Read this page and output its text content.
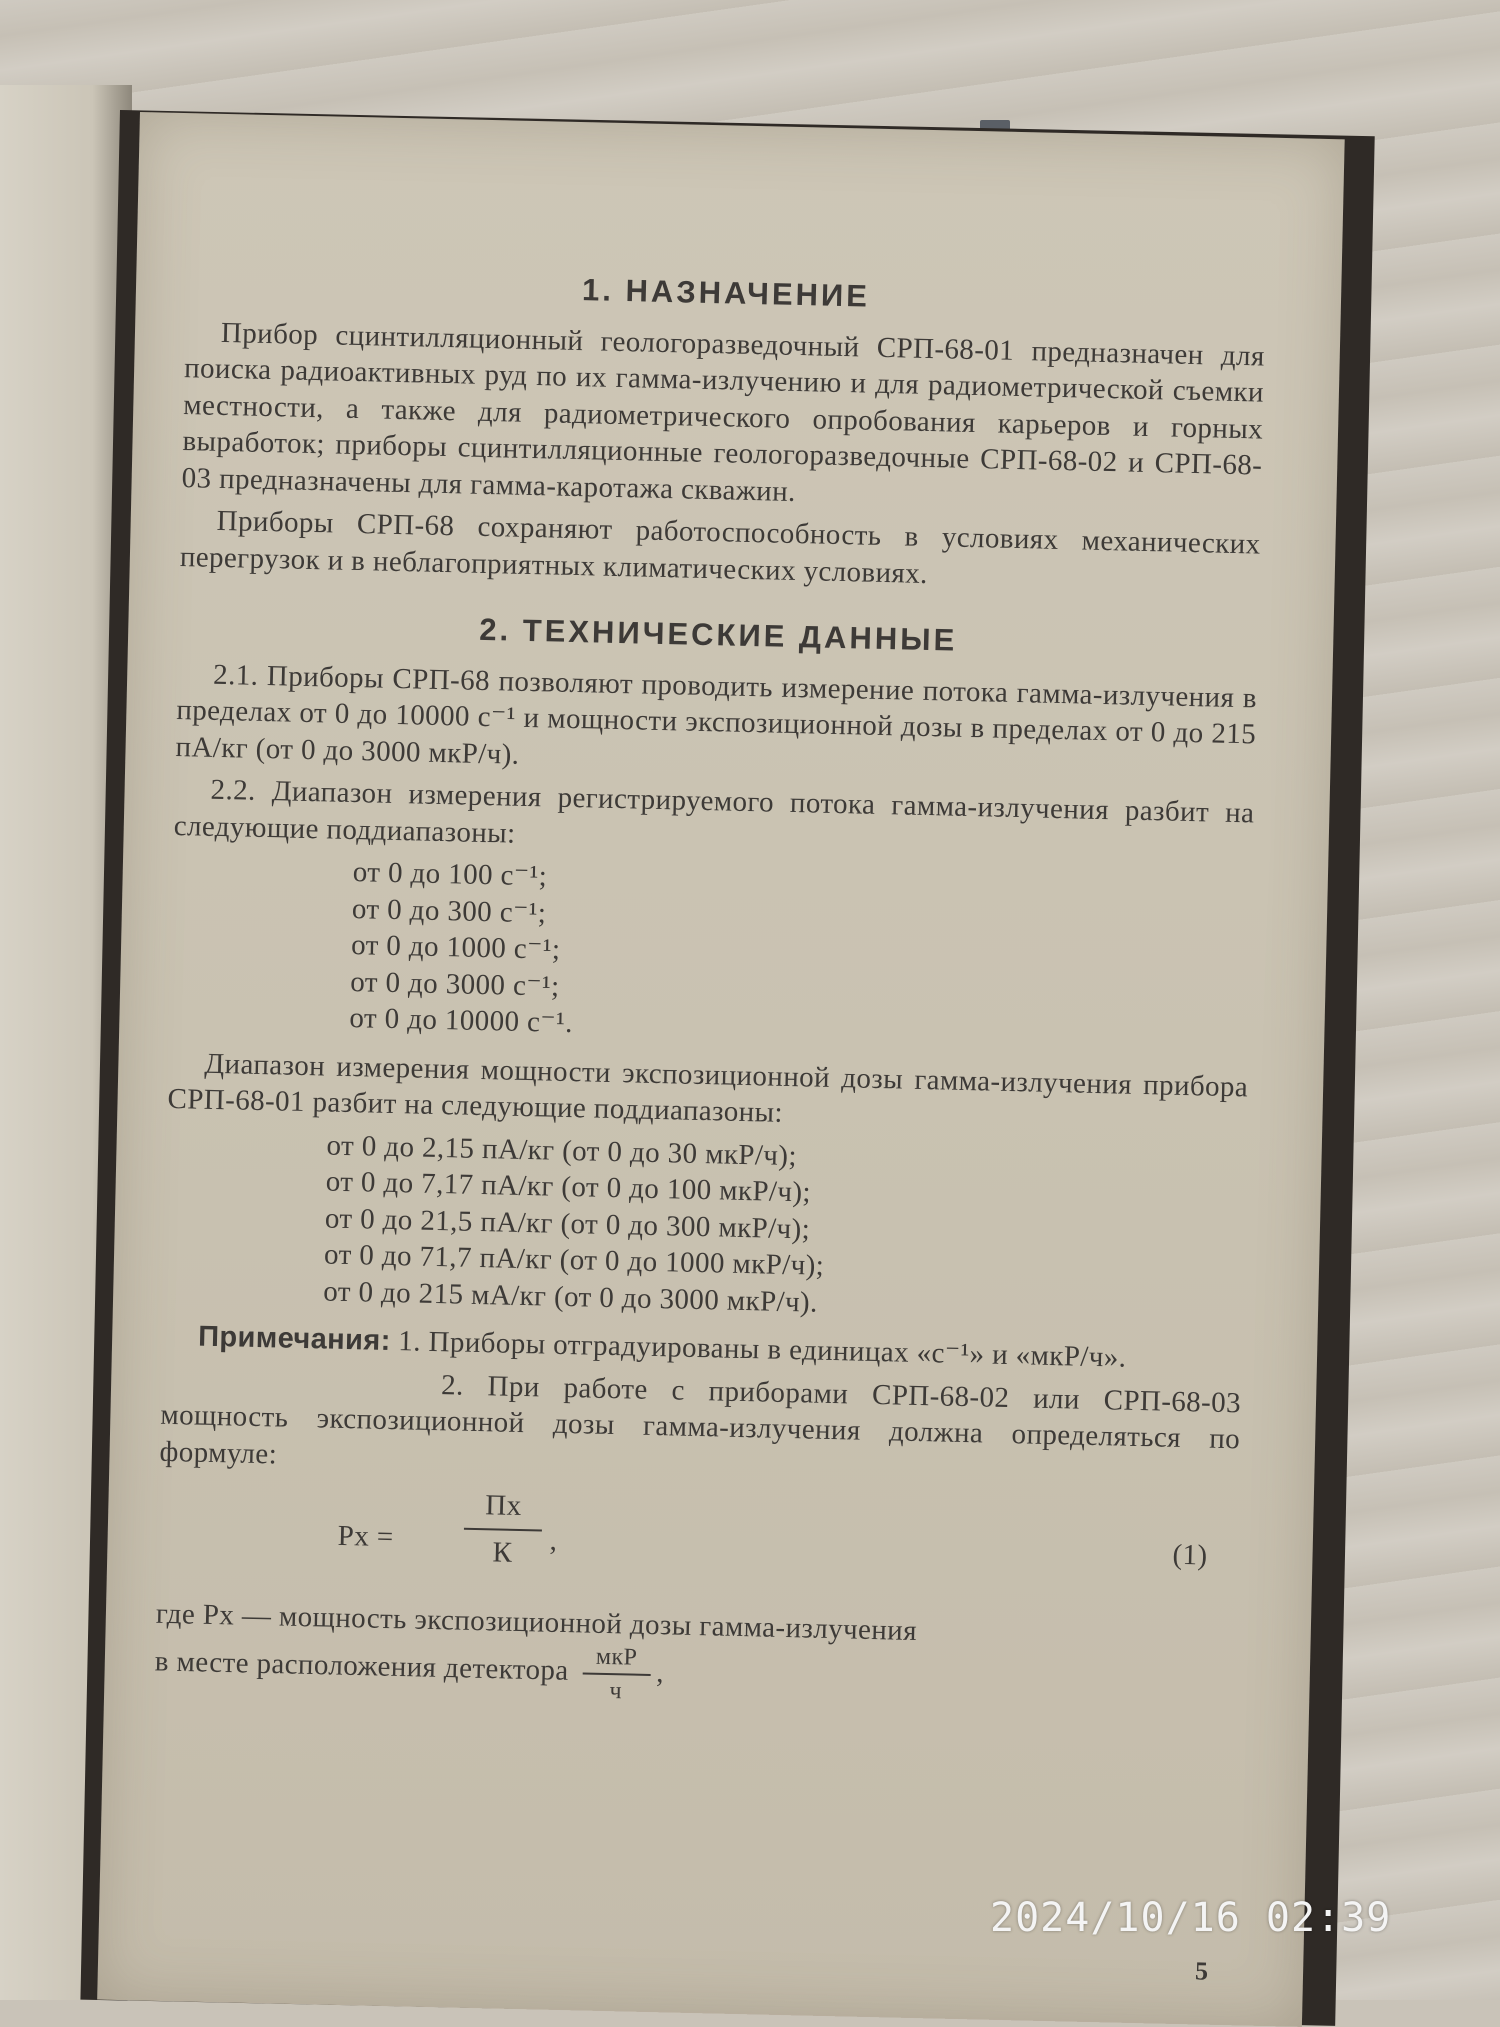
1. НАЗНАЧЕНИЕ

Прибор сцинтилляционный геологоразведочный СРП-68-01 предназначен для поиска радиоактивных руд по их гамма-излучению и для радиометрической съемки местности, а также для радиометрического опробования карьеров и горных выработок; приборы сцинтилляционные геологоразведочные СРП-68-02 и СРП-68-03 предназначены для гамма-каротажа скважин.

Приборы СРП-68 сохраняют работоспособность в условиях механических перегрузок и в неблагоприятных климатических условиях.

2. ТЕХНИЧЕСКИЕ ДАННЫЕ

2.1. Приборы СРП-68 позволяют проводить измерение потока гамма-излучения в пределах от 0 до 10000 с⁻¹ и мощности экспозиционной дозы в пределах от 0 до 215 пА/кг (от 0 до 3000 мкР/ч).

2.2. Диапазон измерения регистрируемого потока гамма-излучения разбит на следующие поддиапазоны:

от 0 до 100 с⁻¹;
от 0 до 300 с⁻¹;
от 0 до 1000 с⁻¹;
от 0 до 3000 с⁻¹;
от 0 до 10000 с⁻¹.

Диапазон измерения мощности экспозиционной дозы гамма-излучения прибора СРП-68-01 разбит на следующие поддиапазоны:

от 0 до 2,15 пА/кг (от 0 до 30 мкР/ч);
от 0 до 7,17 пА/кг (от 0 до 100 мкР/ч);
от 0 до 21,5 пА/кг (от 0 до 300 мкР/ч);
от 0 до 71,7 пА/кг (от 0 до 1000 мкР/ч);
от 0 до 215 мА/кг (от 0 до 3000 мкР/ч).

Примечания: 1. Приборы отградуированы в единицах «с⁻¹» и «мкР/ч».

2. При работе с приборами СРП-68-02 или СРП-68-03 мощность экспозиционной дозы гамма-излучения должна определяться по формуле:

Px =
Пх
К	,	(1)

где Px — мощность экспозиционной дозы гамма-излучения

в месте расположения детектора $\frac{\text{мкР}}{ч}$,

5
2024/10/16 02:39
